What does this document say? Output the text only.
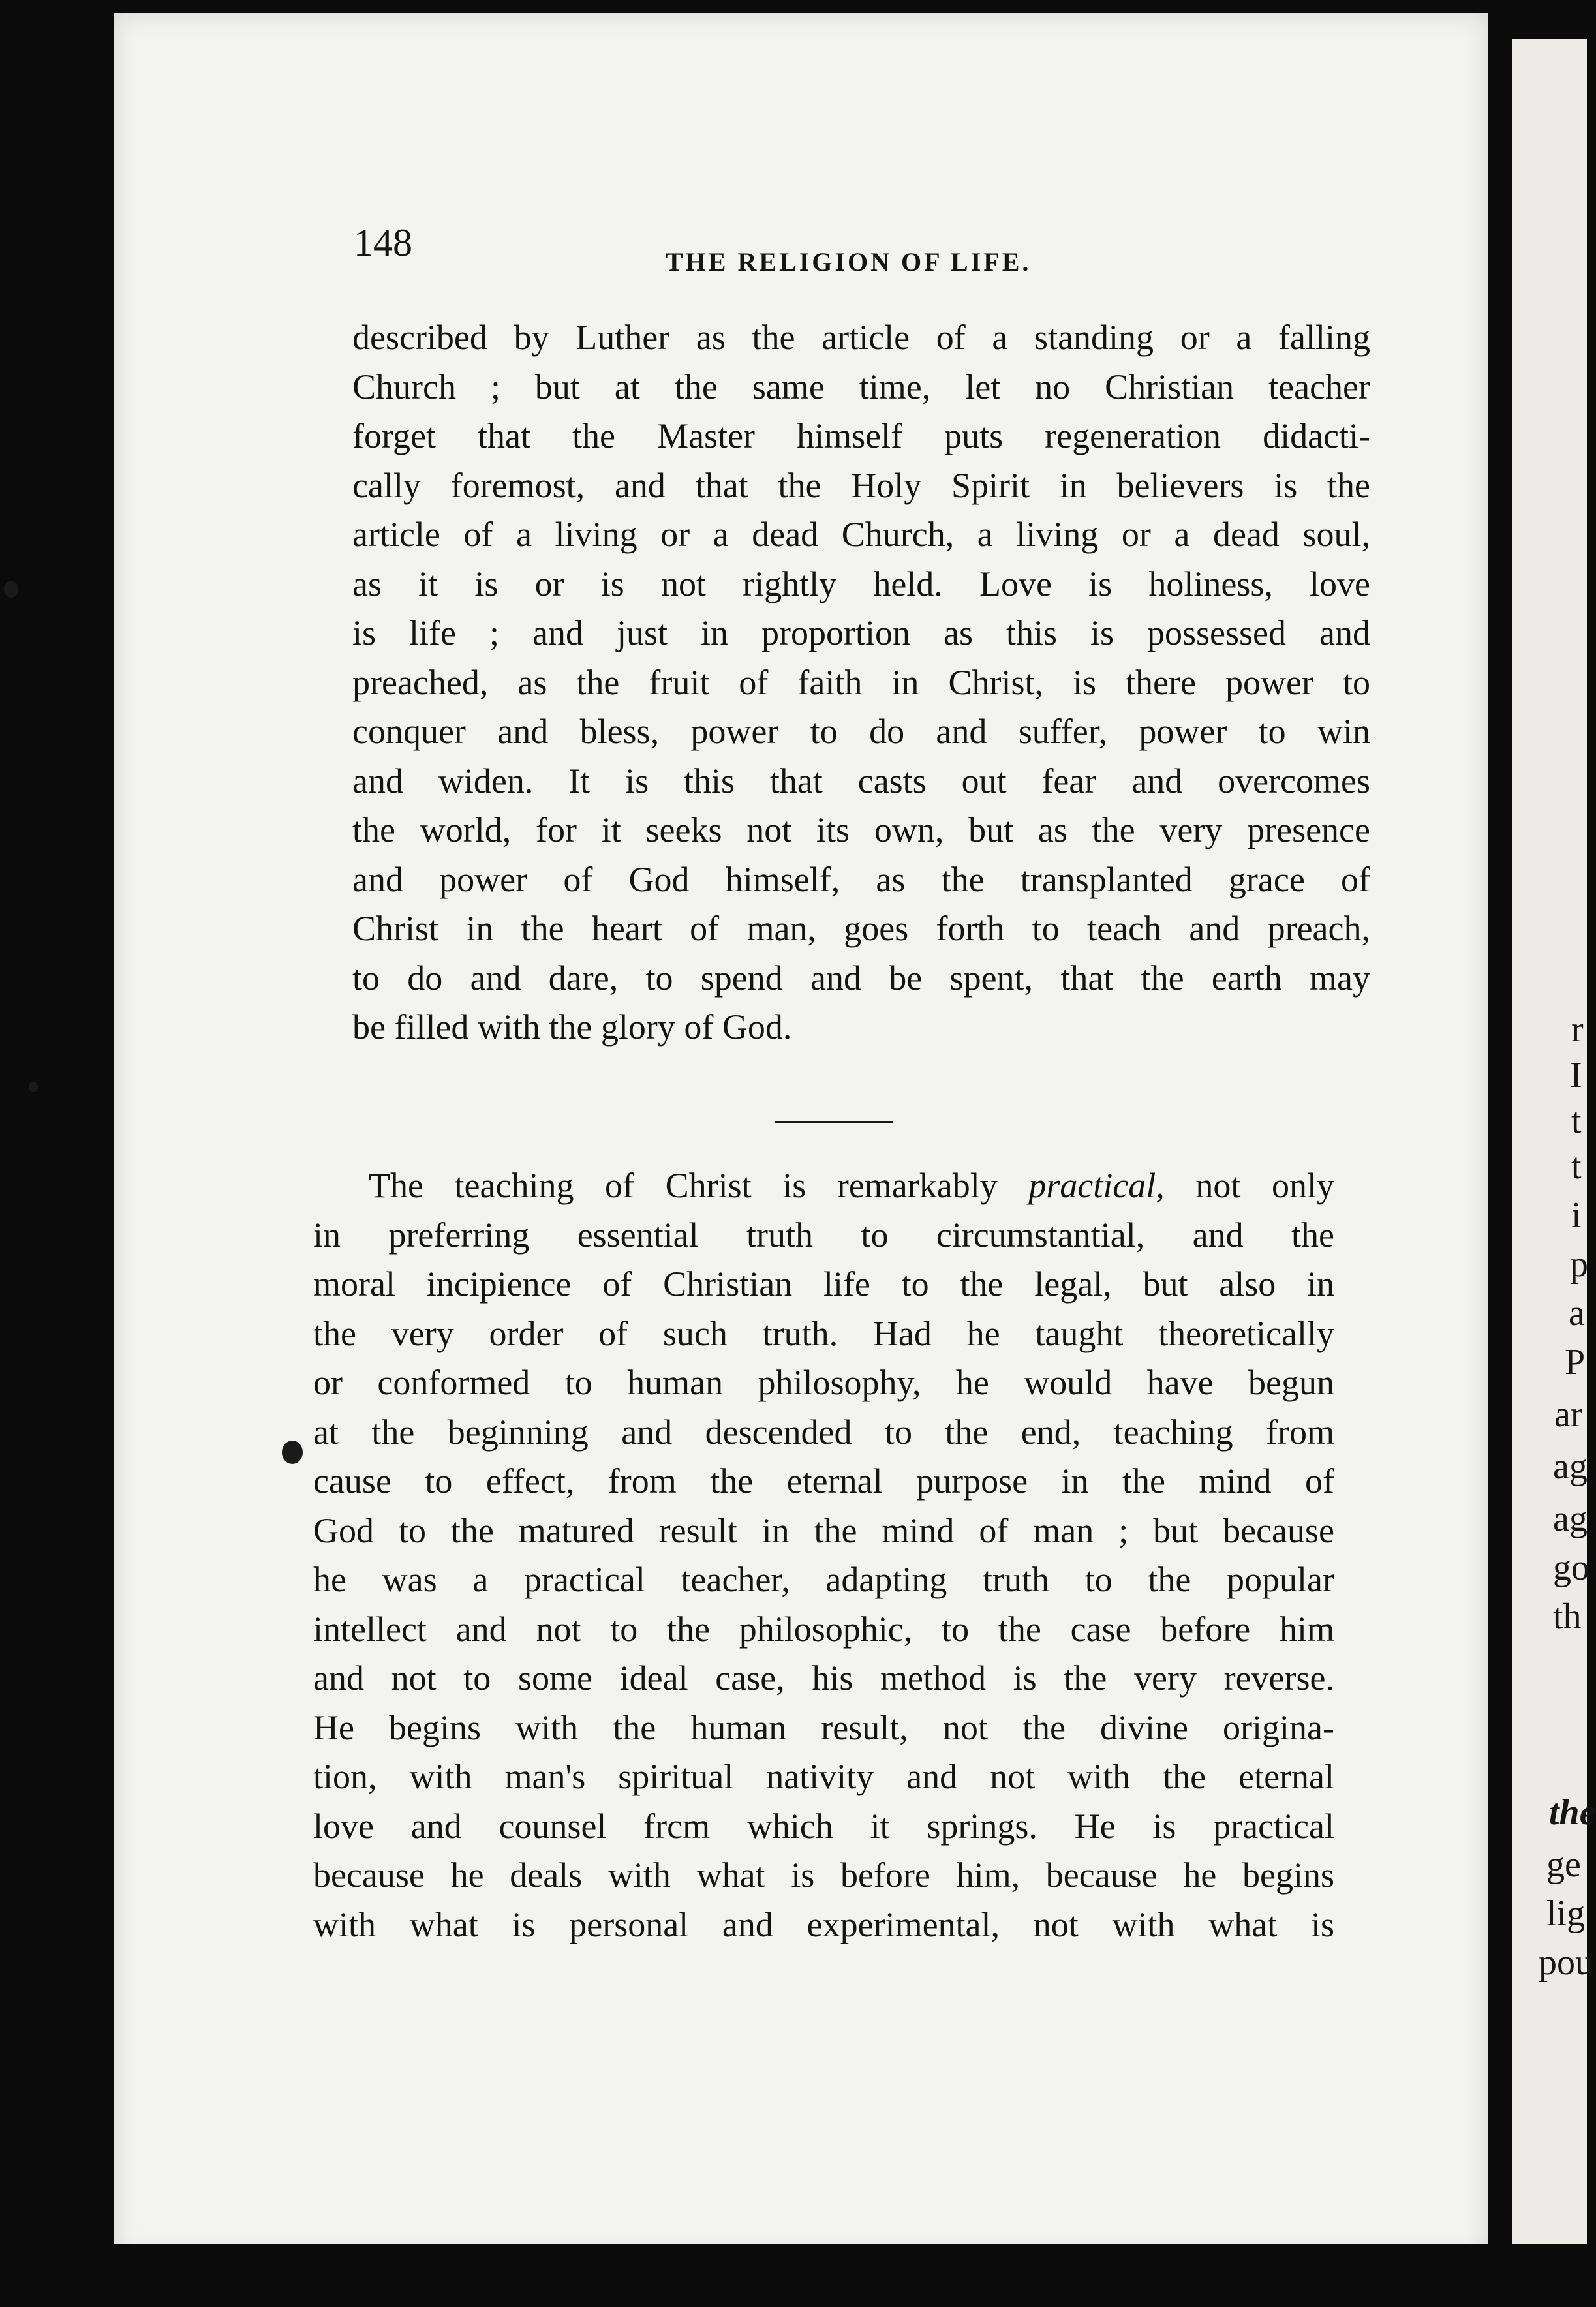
148	THE RELIGION OF LIFE.
described by Luther as the article of a standing or a falling
Church ; but at the same time, let no Christian teacher
forget that the Master himself puts regeneration didacti-
cally foremost, and that the Holy Spirit in believers is the
article of a living or a dead Church, a living or a dead soul,
as it is or is not rightly held. Love is holiness, love
is life ; and just in proportion as this is possessed and
preached, as the fruit of faith in Christ, is there power to
conquer and bless, power to do and suffer, power to win
and widen. It is this that casts out fear and overcomes
the world, for it seeks not its own, but as the very presence
and power of God himself, as the transplanted grace of
Christ in the heart of man, goes forth to teach and preach,
to do and dare, to spend and be spent, that the earth may
be filled with the glory of God.
The teaching of Christ is remarkably practical, not only
in preferring essential truth to circumstantial, and the
moral incipience of Christian life to the legal, but also in
the very order of such truth. Had he taught theoretically
or conformed to human philosophy, he would have begun
at the beginning and descended to the end, teaching from
cause to effect, from the eternal purpose in the mind of
God to the matured result in the mind of man ; but because
he was a practical teacher, adapting truth to the popular
intellect and not to the philosophic, to the case before him
and not to some ideal case, his method is the very reverse.
He begins with the human result, not the divine origina-
tion, with man's spiritual nativity and not with the eternal
love and counsel frcm which it springs. He is practical
because he deals with what is before him, because he begins
with what is personal and experimental, not with what is
r
I
t
t
i
p
a
P
ar
ag
ag
go
th
the
ge
lig
pou
